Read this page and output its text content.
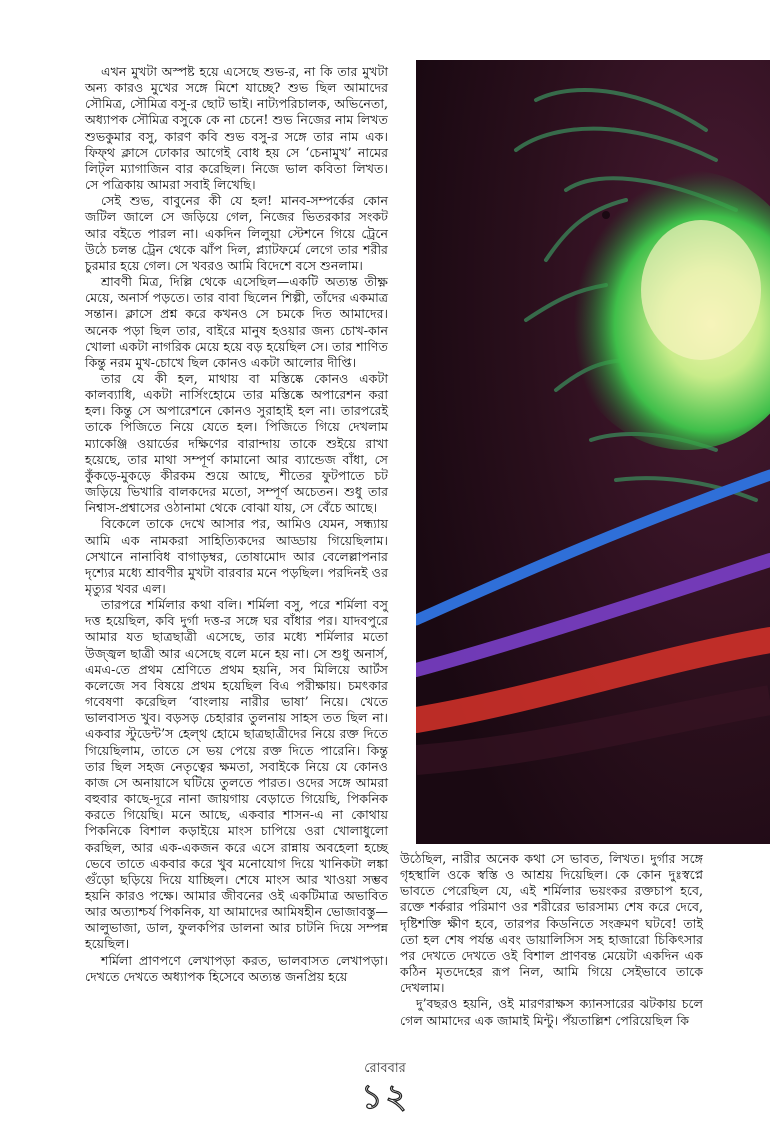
এখন মুখটা অস্পষ্ট হয়ে এসেছে শুভ-র, না কি তার মুখটা অন্য কারও মুখের সঙ্গে মিশে যাচ্ছে? শুভ ছিল আমাদের সৌমিত্র, সৌমিত্র বসু-র ছোট ভাই। নাট্যপরিচালক, অভিনেতা, অধ্যাপক সৌমিত্র বসুকে কে না চেনে! শুভ নিজের নাম লিখত শুভকুমার বসু, কারণ কবি শুভ বসু-র সঙ্গে তার নাম এক। ফিফ্থ ক্লাসে ঢোকার আগেই বোধ হয় সে ‘চেনামুখ’ নামের লিট্‌ল ম্যাগাজিন বার করেছিল। নিজে ভাল কবিতা লিখত। সে পত্রিকায় আমরা সবাই লিখেছি।

সেই শুভ, বাবুনের কী যে হল! মানব-সম্পর্কের কোন জটিল জালে সে জড়িয়ে গেল, নিজের ভিতরকার সংকট আর বইতে পারল না। একদিন লিলুয়া স্টেশনে গিয়ে ট্রেনে উঠে চলন্ত ট্রেন থেকে ঝাঁপ দিল, প্ল্যাটফর্মে লেগে তার শরীর চুরমার হয়ে গেল। সে খবরও আমি বিদেশে বসে শুনলাম।

শ্রাবণী মিত্র, দিল্লি থেকে এসেছিল—একটি অত্যন্ত তীক্ষ্ণ মেয়ে, অনার্স পড়তে। তার বাবা ছিলেন শিল্পী, তাঁদের একমাত্র সন্তান। ক্লাসে প্রশ্ন করে কখনও সে চমকে দিত আমাদের। অনেক পড়া ছিল তার, বাইরে মানুষ হওয়ার জন্য চোখ-কান খোলা একটা নাগরিক মেয়ে হয়ে বড় হয়েছিল সে। তার শাণিত কিন্তু নরম মুখ-চোখে ছিল কোনও একটা আলোর দীপ্তি।

তার যে কী হল, মাথায় বা মস্তিষ্কে কোনও একটা কালব্যাধি, একটা নার্সিংহোমে তার মস্তিষ্কে অপারেশন করা হল। কিন্তু সে অপারেশনে কোনও সুরাহাই হল না। তারপরেই তাকে পিজিতে নিয়ে যেতে হল। পিজিতে গিয়ে দেখলাম ম্যাকেঞ্জি ওয়ার্ডের দক্ষিণের বারান্দায় তাকে শুইয়ে রাখা হয়েছে, তার মাথা সম্পূর্ণ কামানো আর ব্যান্ডেজ বাঁধা, সে কুঁকড়ে-মুকড়ে কীরকম শুয়ে আছে, শীতের ফুটপাতে চট জড়িয়ে ভিখারি বালকদের মতো, সম্পূর্ণ অচেতন। শুধু তার নিশ্বাস-প্রশ্বাসের ওঠানামা থেকে বোঝা যায়, সে বেঁচে আছে।

বিকেলে তাকে দেখে আসার পর, আমিও যেমন, সন্ধ্যায় আমি এক নামকরা সাহিত্যিকদের আড্ডায় গিয়েছিলাম। সেখানে নানাবিধ বাগাড়ম্বর, তোষামোদ আর বেলেল্লাপনার দৃশ্যের মধ্যে শ্রাবণীর মুখটা বারবার মনে পড়ছিল। পরদিনই ওর মৃত্যুর খবর এল।

তারপরে শর্মিলার কথা বলি। শর্মিলা বসু, পরে শর্মিলা বসু দত্ত হয়েছিল, কবি দুর্গা দত্ত-র সঙ্গে ঘর বাঁধার পর। যাদবপুরে আমার যত ছাত্রছাত্রী এসেছে, তার মধ্যে শর্মিলার মতো উজ্জ্বল ছাত্রী আর এসেছে বলে মনে হয় না। সে শুধু অনার্স, এমএ-তে প্রথম শ্রেণিতে প্রথম হয়নি, সব মিলিয়ে আর্টস কলেজে সব বিষয়ে প্রথম হয়েছিল বিএ পরীক্ষায়। চমৎকার গবেষণা করেছিল ‘বাংলায় নারীর ভাষা’ নিয়ে। খেতে ভালবাসত খুব। বড়সড় চেহারার তুলনায় সাহস তত ছিল না। একবার স্টুডেন্ট’স হেল্‌থ হোমে ছাত্রছাত্রীদের নিয়ে রক্ত দিতে গিয়েছিলাম, তাতে সে ভয় পেয়ে রক্ত দিতে পারেনি। কিন্তু তার ছিল সহজ নেতৃত্বের ক্ষমতা, সবাইকে নিয়ে যে কোনও কাজ সে অনায়াসে ঘটিয়ে তুলতে পারত। ওদের সঙ্গে আমরা বহুবার কাছে-দূরে নানা জায়গায় বেড়াতে গিয়েছি, পিকনিক করতে গিয়েছি। মনে আছে, একবার শাসন-এ না কোথায় পিকনিকে বিশাল কড়াইয়ে মাংস চাপিয়ে ওরা খোলাধুলো করছিল, আর এক-একজন করে এসে রান্নায় অবহেলা হচ্ছে ভেবে তাতে একবার করে খুব মনোযোগ দিয়ে খানিকটা লঙ্কা গুঁড়ো ছড়িয়ে দিয়ে যাচ্ছিল। শেষে মাংস আর খাওয়া সম্ভব হয়নি কারও পক্ষে। আমার জীবনের ওই একটিমাত্র অভাবিত আর অত্যাশ্চর্য পিকনিক, যা আমাদের আমিষহীন ভোজাবস্তু—আলুভাজা, ডাল, ফুলকপির ডালনা আর চাটনি দিয়ে সম্পন্ন হয়েছিল।

শর্মিলা প্রাণপণে লেখাপড়া করত, ভালবাসত লেখাপড়া। দেখতে দেখতে অধ্যাপক হিসেবে অত্যন্ত জনপ্রিয় হয়ে

উঠেছিল, নারীর অনেক কথা সে ভাবত, লিখত। দুর্গার সঙ্গে গৃহস্থালি ওকে স্বস্তি ও আশ্রয় দিয়েছিল। কে কোন দুঃস্বপ্নে ভাবতে পেরেছিল যে, এই শর্মিলার ভয়ংকর রক্তচাপ হবে, রক্তে শর্করার পরিমাণ ওর শরীরের ভারসাম্য শেষ করে দেবে, দৃষ্টিশক্তি ক্ষীণ হবে, তারপর কিডনিতে সংক্রমণ ঘটবে! তাই তো হল শেষ পর্যন্ত এবং ডায়ালিসিস সহ হাজারো চিকিৎসার পর দেখতে দেখতে ওই বিশাল প্রাণবন্ত মেয়েটা একদিন এক কঠিন মৃতদেহের রূপ নিল, আমি গিয়ে সেইভাবে তাকে দেখলাম।

দু’বছরও হয়নি, ওই মারণরাক্ষস ক্যানসারের ঝটকায় চলে গেল আমাদের এক জামাই মিন্টু। পঁয়তাল্লিশ পেরিয়েছিল কি

রোববার
১২
